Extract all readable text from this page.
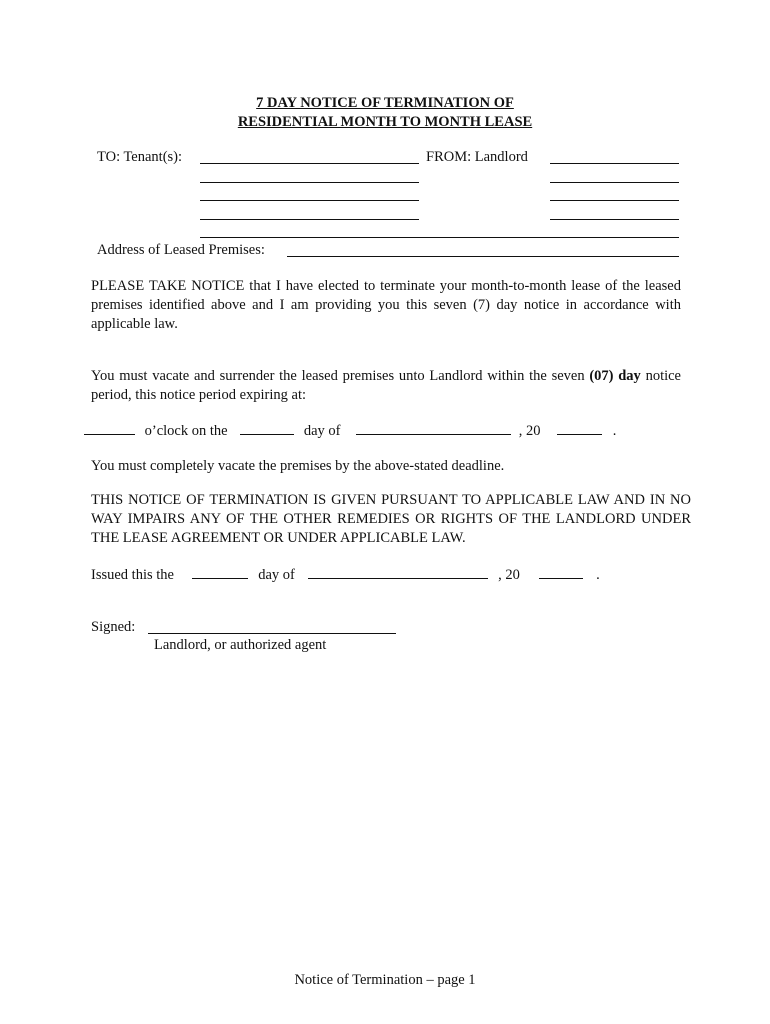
7 DAY NOTICE OF TERMINATION OF
RESIDENTIAL MONTH TO MONTH LEASE
TO: Tenant(s):	FROM: Landlord
Address of Leased Premises:
PLEASE TAKE NOTICE that I have elected to terminate your month-to-month lease of the leased premises identified above and I am providing you this seven (7) day notice in accordance with applicable law.
You must vacate and surrender the leased premises unto Landlord within the seven (07) day notice period, this notice period expiring at:
o’clock on the	day of	, 20	.
You must completely vacate the premises by the above-stated deadline.
THIS NOTICE OF TERMINATION IS GIVEN PURSUANT TO APPLICABLE LAW AND IN NO WAY IMPAIRS ANY OF THE OTHER REMEDIES OR RIGHTS OF THE LANDLORD UNDER THE LEASE AGREEMENT OR UNDER APPLICABLE LAW.
Issued this the	day of	, 20	.
Signed:
Landlord, or authorized agent
Notice of Termination – page 1
